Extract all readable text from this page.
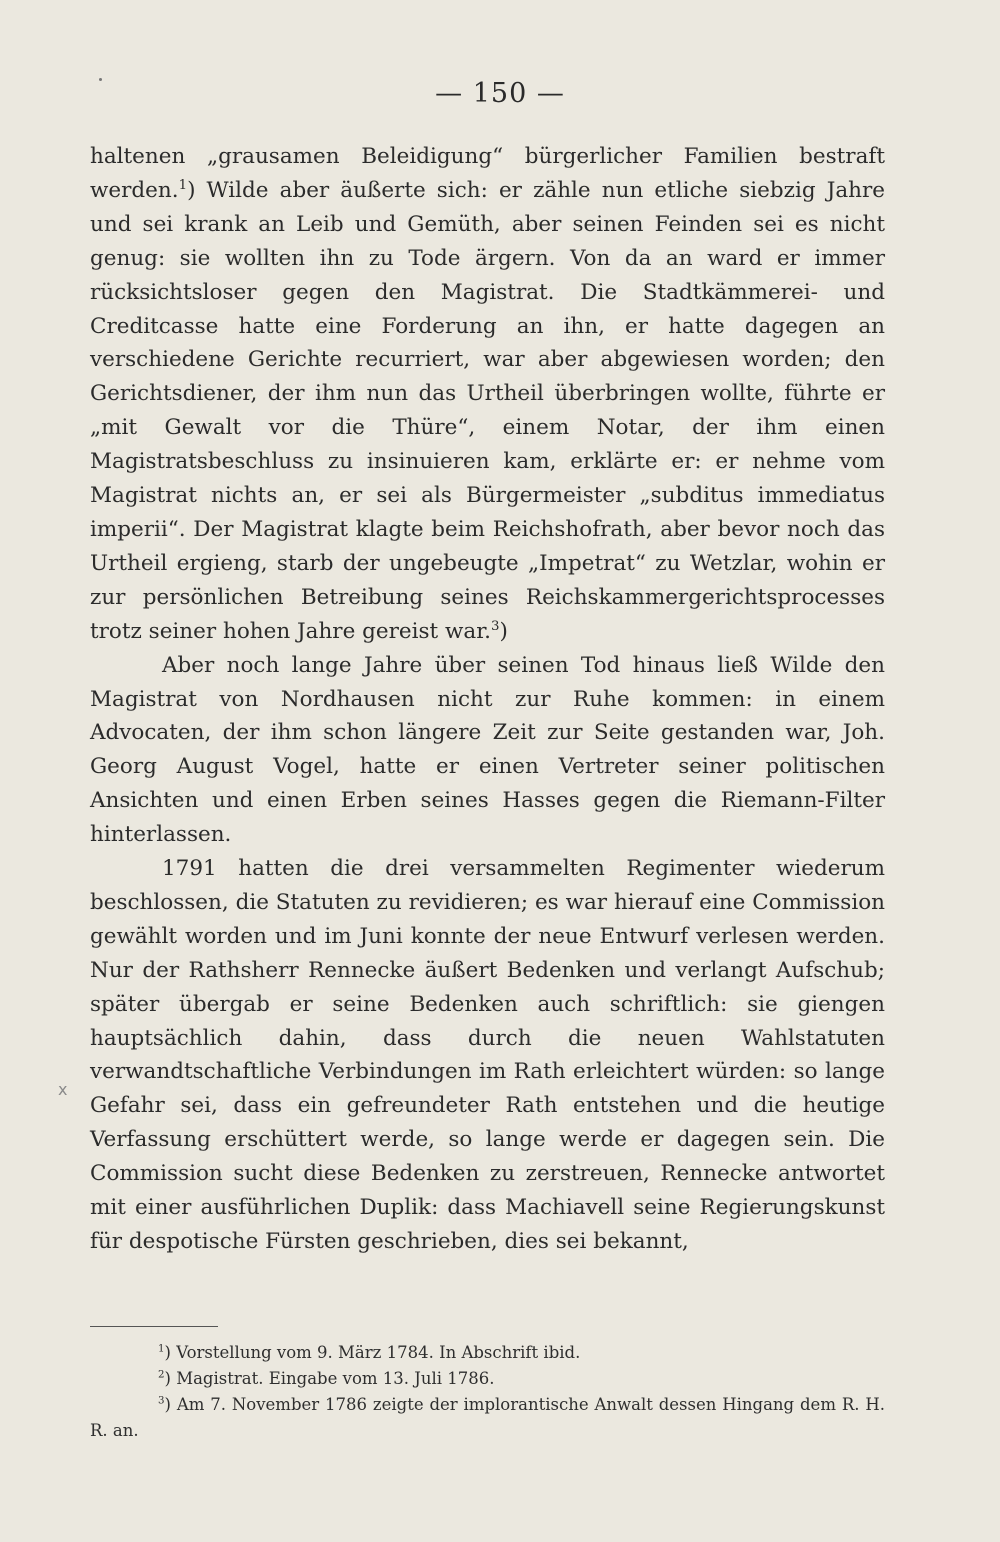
— 150 —

haltenen „grausamen Beleidigung“ bürgerlicher Familien bestraft werden.$^1$) Wilde aber äußerte sich: er zähle nun etliche siebzig Jahre und sei krank an Leib und Gemüth, aber seinen Feinden sei es nicht genug: sie wollten ihn zu Tode ärgern. Von da an ward er immer rücksichtsloser gegen den Magistrat. Die Stadtkämmerei- und Creditcasse hatte eine Forderung an ihn, er hatte dagegen an verschiedene Gerichte recurriert, war aber abgewiesen worden; den Gerichtsdiener, der ihm nun das Urtheil überbringen wollte, führte er „mit Gewalt vor die Thüre“, einem Notar, der ihm einen Magistratsbeschluss zu insinuieren kam, erklärte er: er nehme vom Magistrat nichts an, er sei als Bürgermeister „subditus immediatus imperii“. Der Magistrat klagte beim Reichshofrath, aber bevor noch das Urtheil ergieng, starb der ungebeugte „Impetrat“ zu Wetzlar, wohin er zur persönlichen Betreibung seines Reichskammergerichtsprocesses trotz seiner hohen Jahre gereist war.$^3$)

Aber noch lange Jahre über seinen Tod hinaus ließ Wilde den Magistrat von Nordhausen nicht zur Ruhe kommen: in einem Advocaten, der ihm schon längere Zeit zur Seite gestanden war, Joh. Georg August Vogel, hatte er einen Vertreter seiner politischen Ansichten und einen Erben seines Hasses gegen die Riemann-Filter hinterlassen.

1791 hatten die drei versammelten Regimenter wiederum beschlossen, die Statuten zu revidieren; es war hierauf eine Commission gewählt worden und im Juni konnte der neue Entwurf verlesen werden. Nur der Rathsherr Rennecke äußert Bedenken und verlangt Aufschub; später übergab er seine Bedenken auch schriftlich: sie giengen hauptsächlich dahin, dass durch die neuen Wahlstatuten verwandtschaftliche Verbindungen im Rath erleichtert würden: so lange Gefahr sei, dass ein gefreundeter Rath entstehen und die heutige Verfassung erschüttert werde, so lange werde er dagegen sein. Die Commission sucht diese Bedenken zu zerstreuen, Rennecke antwortet mit einer ausführlichen Duplik: dass Machiavell seine Regierungskunst für despotische Fürsten geschrieben, dies sei bekannt,

x

$^1$) Vorstellung vom 9. März 1784. In Abschrift ibid.

$^2$) Magistrat. Eingabe vom 13. Juli 1786.

$^3$) Am 7. November 1786 zeigte der implorantische Anwalt dessen Hingang dem R. H. R. an.
